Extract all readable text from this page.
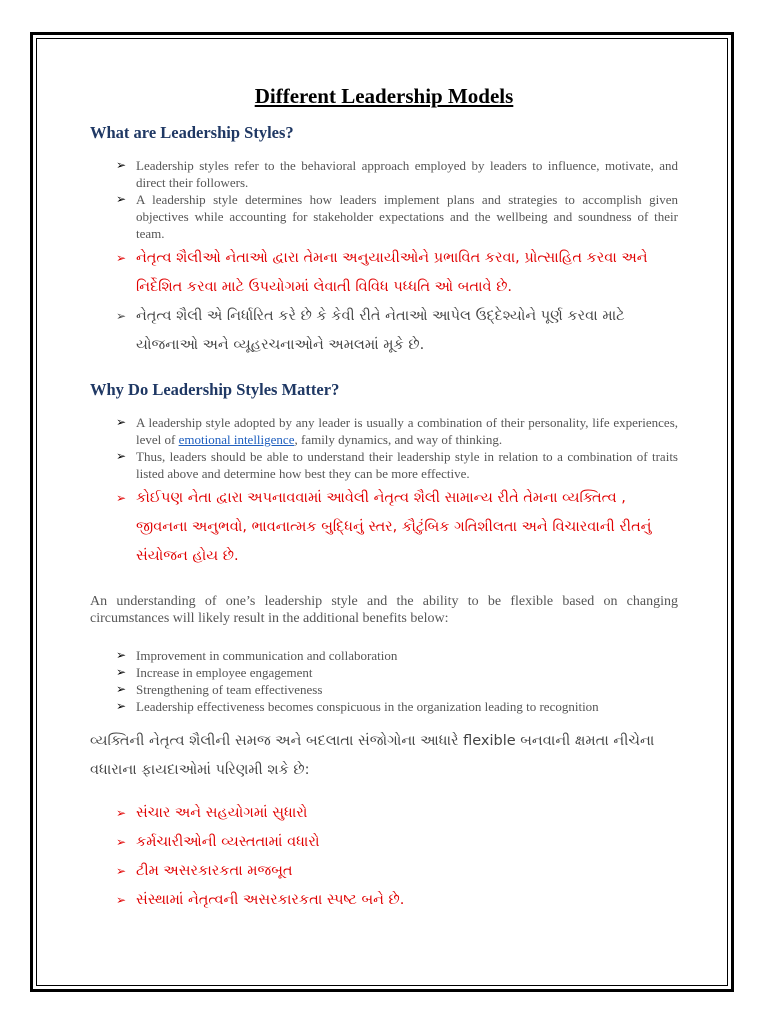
Different Leadership Models
What are Leadership Styles?
➢ Leadership styles refer to the behavioral approach employed by leaders to influence, motivate, and direct their followers.
➢ A leadership style determines how leaders implement plans and strategies to accomplish given objectives while accounting for stakeholder expectations and the wellbeing and soundness of their team.
➢ નેતૃત્વ શૈલીઓ નેતાઓ દ્વારા તેમના અનુયાયીઓને પ્રભાવિત કરવા, પ્રોત્સાહિત કરવા અને નિર્દેશિત કરવા માટે ઉપયોગમાં લેવાતી વિવિધ પધ્ધતિ ઓ બતાવે છે.
➢ નેતૃત્વ શૈલી એ નિર્ધારિત કરે છે કે કેવી રીતે નેતાઓ આપેલ ઉદ્દેશ્યોને પૂર્ણ કરવા માટે યોજનાઓ અને વ્યૂહરચનાઓને અમલમાં મૂકે છે.
Why Do Leadership Styles Matter?
➢ A leadership style adopted by any leader is usually a combination of their personality, life experiences, level of emotional intelligence, family dynamics, and way of thinking.
➢ Thus, leaders should be able to understand their leadership style in relation to a combination of traits listed above and determine how best they can be more effective.
➢ કોઈપણ નેતા દ્વારા અપનાવવામાં આવેલી નેતૃત્વ શૈલી સામાન્ય રીતે તેમના વ્યક્તિત્વ , જીવનના અનુભવો, ભાવનાત્મક બુદ્ધિનું સ્તર, કૌટુંબિક ગતિશીલતા અને વિચારવાની રીતનું સંયોજન હોય છે.

An understanding of one’s leadership style and the ability to be flexible based on changing circumstances will likely result in the additional benefits below:

➢ Improvement in communication and collaboration
➢ Increase in employee engagement
➢ Strengthening of team effectiveness
➢ Leadership effectiveness becomes conspicuous in the organization leading to recognition

વ્યક્તિની નેતૃત્વ શૈલીની સમજ અને બદલાતા સંજોગોના આધારે flexible બનવાની ક્ષમતા નીચેના વધારાના ફાયદાઓમાં પરિણમી શકે છે:

➢ સંચાર અને સહયોગમાં સુધારો
➢ કર્મચારીઓની વ્યસ્તતામાં વધારો
➢ ટીમ અસરકારકતા મજબૂત
➢ સંસ્થામાં નેતૃત્વની અસરકારકતા સ્પષ્ટ બને છે.
